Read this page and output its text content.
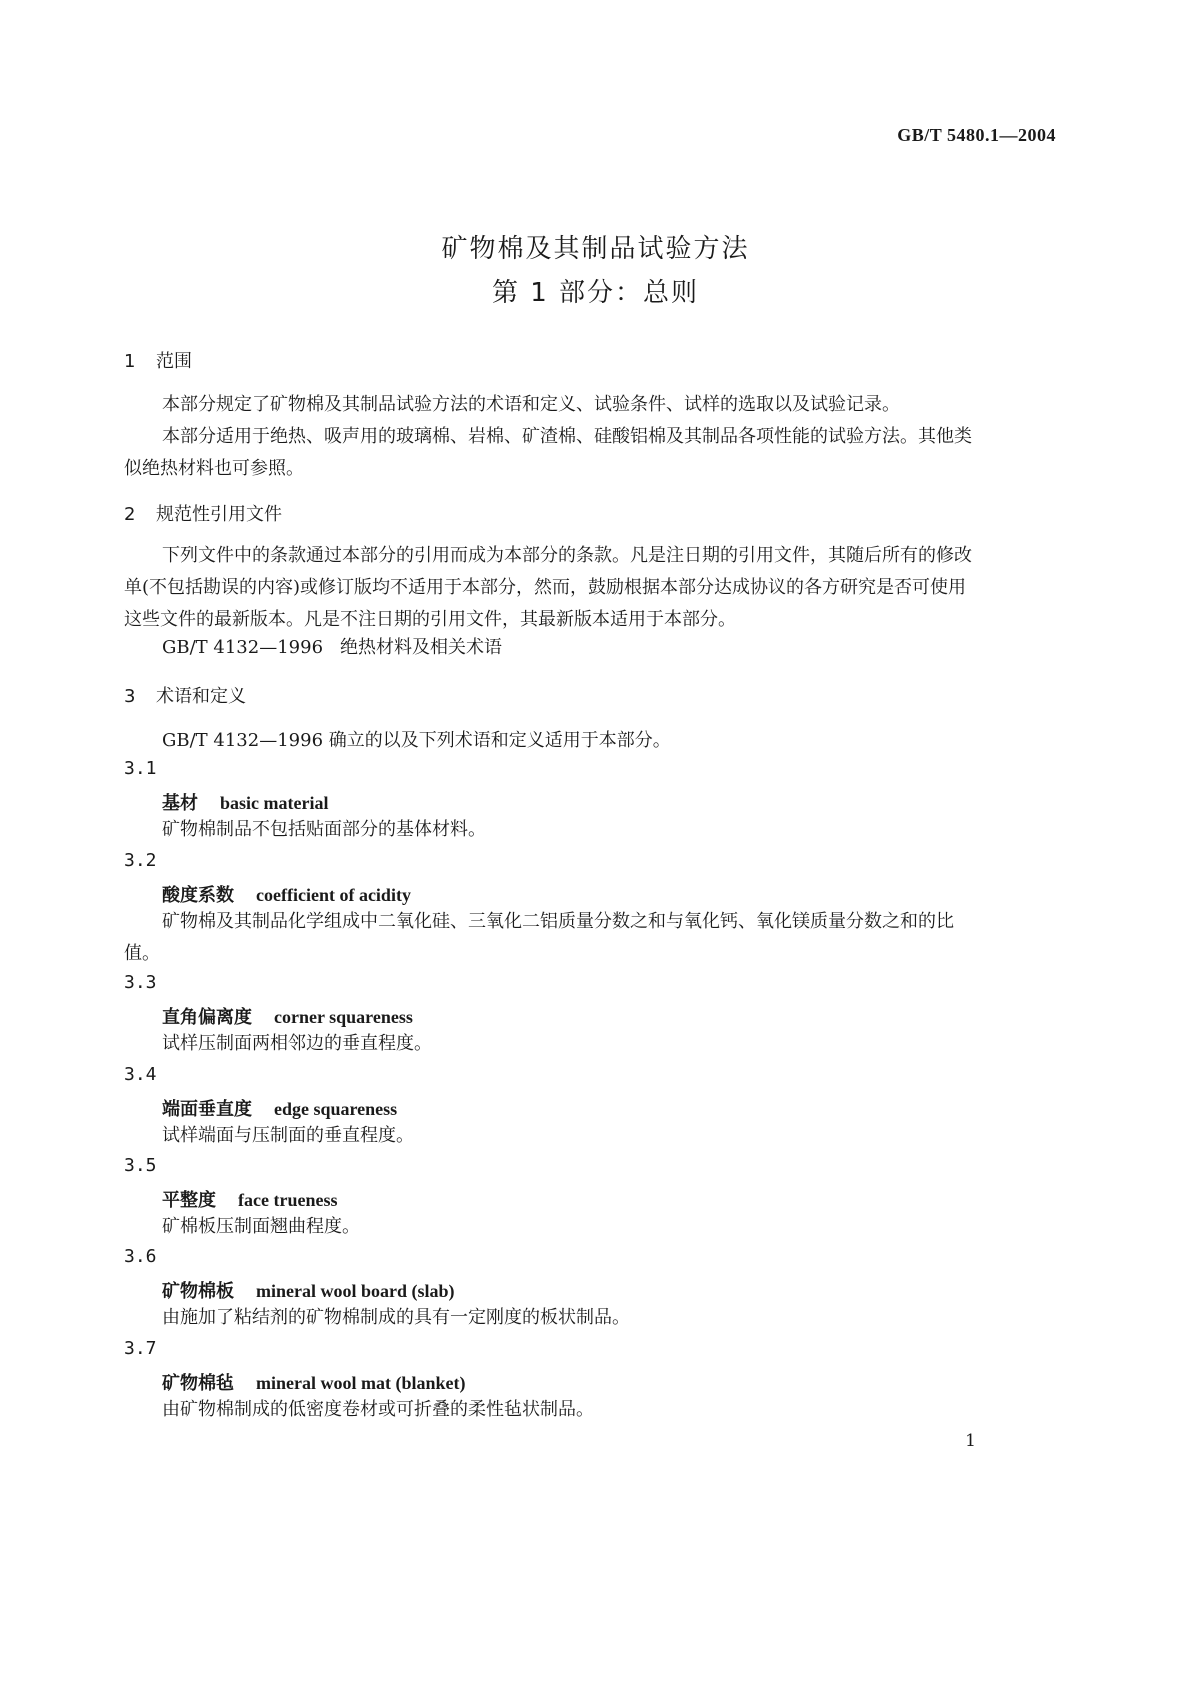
GB/T 5480.1—2004
矿物棉及其制品试验方法
第 1 部分：总则
1 范围
本部分规定了矿物棉及其制品试验方法的术语和定义、试验条件、试样的选取以及试验记录。
本部分适用于绝热、吸声用的玻璃棉、岩棉、矿渣棉、硅酸铝棉及其制品各项性能的试验方法。其他类似绝热材料也可参照。
2 规范性引用文件
下列文件中的条款通过本部分的引用而成为本部分的条款。凡是注日期的引用文件，其随后所有的修改单(不包括勘误的内容)或修订版均不适用于本部分，然而，鼓励根据本部分达成协议的各方研究是否可使用这些文件的最新版本。凡是不注日期的引用文件，其最新版本适用于本部分。
GB/T 4132—1996 绝热材料及相关术语
3 术语和定义
GB/T 4132—1996 确立的以及下列术语和定义适用于本部分。
3.1
基材 basic material
矿物棉制品不包括贴面部分的基体材料。
3.2
酸度系数 coefficient of acidity
矿物棉及其制品化学组成中二氧化硅、三氧化二铝质量分数之和与氧化钙、氧化镁质量分数之和的比值。
3.3
直角偏离度 corner squareness
试样压制面两相邻边的垂直程度。
3.4
端面垂直度 edge squareness
试样端面与压制面的垂直程度。
3.5
平整度 face trueness
矿棉板压制面翘曲程度。
3.6
矿物棉板 mineral wool board (slab)
由施加了粘结剂的矿物棉制成的具有一定刚度的板状制品。
3.7
矿物棉毡 mineral wool mat (blanket)
由矿物棉制成的低密度卷材或可折叠的柔性毡状制品。
1
